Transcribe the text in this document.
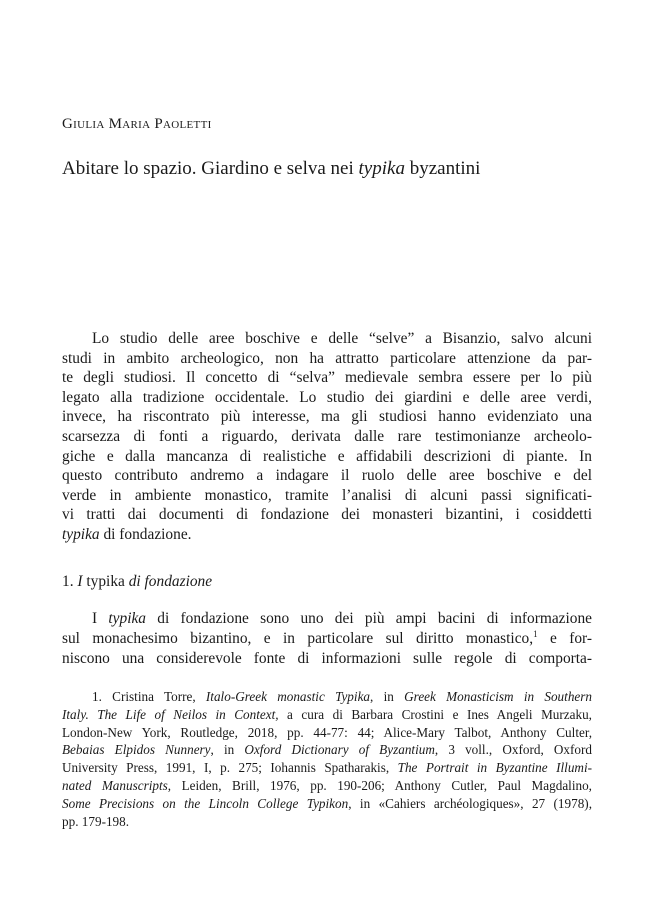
Giulia Maria Paoletti
Abitare lo spazio. Giardino e selva nei typika byzantini

Lo studio delle aree boschive e delle “selve” a Bisanzio, salvo alcuni
studi in ambito archeologico, non ha attratto particolare attenzione da par-
te degli studiosi. Il concetto di “selva” medievale sembra essere per lo più
legato alla tradizione occidentale. Lo studio dei giardini e delle aree verdi,
invece, ha riscontrato più interesse, ma gli studiosi hanno evidenziato una
scarsezza di fonti a riguardo, derivata dalle rare testimonianze archeolo-
giche e dalla mancanza di realistiche e affidabili descrizioni di piante. In
questo contributo andremo a indagare il ruolo delle aree boschive e del
verde in ambiente monastico, tramite l’analisi di alcuni passi significati-
vi tratti dai documenti di fondazione dei monasteri bizantini, i cosiddetti
typika di fondazione.

1. I typika di fondazione

I typika di fondazione sono uno dei più ampi bacini di informazione
sul monachesimo bizantino, e in particolare sul diritto monastico,$^1$ e for-
niscono una considerevole fonte di informazioni sulle regole di comporta-

1. Cristina Torre, Italo-Greek monastic Typika, in Greek Monasticism in Southern
Italy. The Life of Neilos in Context, a cura di Barbara Crostini e Ines Angeli Murzaku,
London-New York, Routledge, 2018, pp. 44-77: 44; Alice-Mary Talbot, Anthony Culter,
Bebaias Elpidos Nunnery, in Oxford Dictionary of Byzantium, 3 voll., Oxford, Oxford
University Press, 1991, I, p. 275; Iohannis Spatharakis, The Portrait in Byzantine Illumi-
nated Manuscripts, Leiden, Brill, 1976, pp. 190-206; Anthony Cutler, Paul Magdalino,
Some Precisions on the Lincoln College Typikon, in «Cahiers archéologiques», 27 (1978),
pp. 179-198.
